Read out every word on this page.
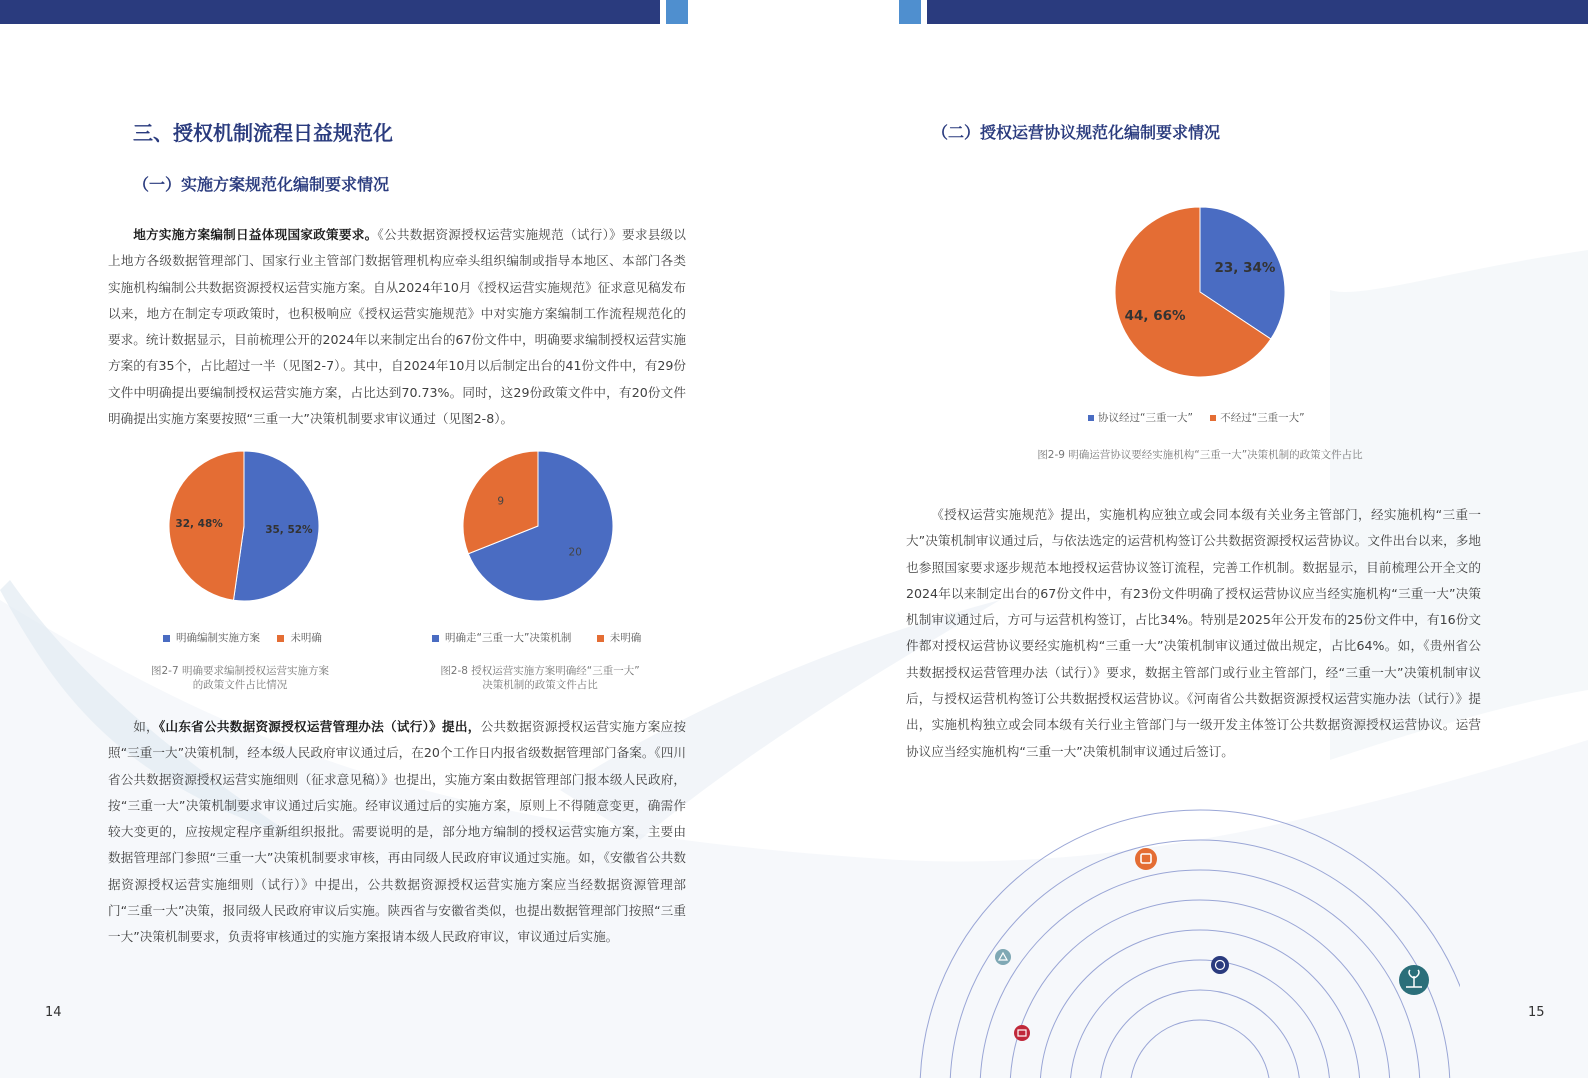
三、授权机制流程日益规范化
（一）实施方案规范化编制要求情况

地方实施方案编制日益体现国家政策要求。《公共数据资源授权运营实施规范（试行）》要求县级以上地方各级数据管理部门、国家行业主管部门数据管理机构应牵头组织编制或指导本地区、本部门各类实施机构编制公共数据资源授权运营实施方案。自从2024年10月《授权运营实施规范》征求意见稿发布以来，地方在制定专项政策时，也积极响应《授权运营实施规范》中对实施方案编制工作流程规范化的要求。统计数据显示，目前梳理公开的2024年以来制定出台的67份文件中，明确要求编制授权运营实施方案的有35个，占比超过一半（见图2-7）。其中，自2024年10月以后制定出台的41份文件中，有29份文件中明确提出要编制授权运营实施方案，占比达到70.73%。同时，这29份政策文件中，有20份文件明确提出实施方案要按照“三重一大”决策机制要求审议通过（见图2-8）。

35, 52%
32, 48%
明确编制实施方案	未明确

图2-7 明确要求编制授权运营实施方案
的政策文件占比情况

20
9
明确走“三重一大”决策机制	未明确

图2-8 授权运营实施方案明确经“三重一大”
决策机制的政策文件占比

如，《山东省公共数据资源授权运营管理办法（试行）》提出，公共数据资源授权运营实施方案应按照“三重一大”决策机制，经本级人民政府审议通过后，在20个工作日内报省级数据管理部门备案。《四川省公共数据资源授权运营实施细则（征求意见稿）》也提出，实施方案由数据管理部门报本级人民政府，按“三重一大”决策机制要求审议通过后实施。经审议通过后的实施方案，原则上不得随意变更，确需作较大变更的，应按规定程序重新组织报批。需要说明的是，部分地方编制的授权运营实施方案，主要由数据管理部门参照“三重一大”决策机制要求审核，再由同级人民政府审议通过实施。如，《安徽省公共数据资源授权运营实施细则（试行）》中提出，公共数据资源授权运营实施方案应当经数据资源管理部门“三重一大”决策，报同级人民政府审议后实施。陕西省与安徽省类似，也提出数据管理部门按照“三重一大”决策机制要求，负责将审核通过的实施方案报请本级人民政府审议，审议通过后实施。

14
（二）授权运营协议规范化编制要求情况
23, 34%
44, 66%
协议经过“三重一大”	不经过“三重一大”

图2-9 明确运营协议要经实施机构“三重一大”决策机制的政策文件占比

《授权运营实施规范》提出，实施机构应独立或会同本级有关业务主管部门，经实施机构“三重一大”决策机制审议通过后，与依法选定的运营机构签订公共数据资源授权运营协议。文件出台以来，多地也参照国家要求逐步规范本地授权运营协议签订流程，完善工作机制。数据显示，目前梳理公开全文的2024年以来制定出台的67份文件中，有23份文件明确了授权运营协议应当经实施机构“三重一大”决策机制审议通过后，方可与运营机构签订，占比34%。特别是2025年公开发布的25份文件中，有16份文件都对授权运营协议要经实施机构“三重一大”决策机制审议通过做出规定，占比64%。如，《贵州省公共数据授权运营管理办法（试行）》要求，数据主管部门或行业主管部门，经“三重一大”决策机制审议后，与授权运营机构签订公共数据授权运营协议。《河南省公共数据资源授权运营实施办法（试行）》提出，实施机构独立或会同本级有关行业主管部门与一级开发主体签订公共数据资源授权运营协议。运营协议应当经实施机构“三重一大”决策机制审议通过后签订。

15
